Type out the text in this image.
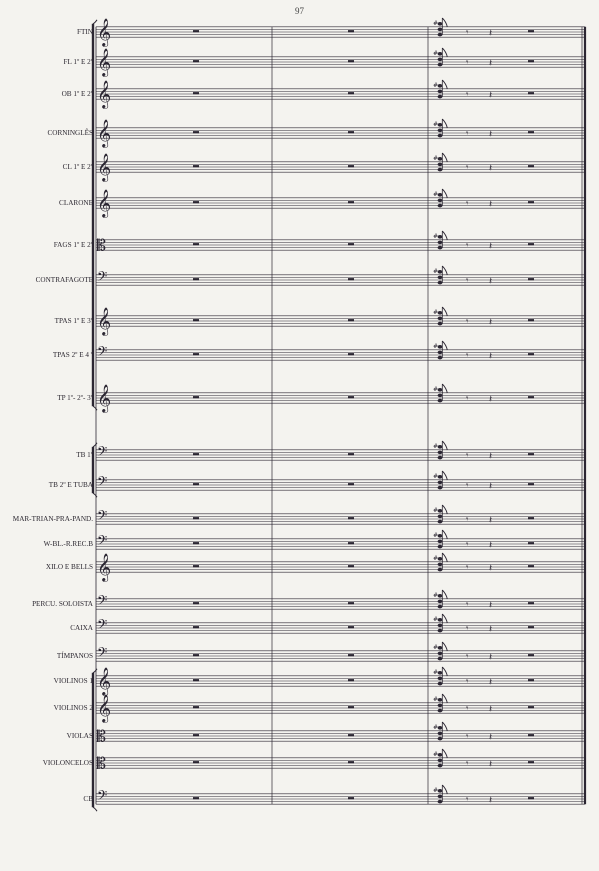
97
FTIN
FL 1º E 2º
OB 1º E 2º
CORNINGLÊS
CL 1º E 2º
CLARONE
FAGS 1º E 2º
CONTRAFAGOTE
TPAS 1º E 3º
TPAS 2º E 4 º
TP 1º- 2º- 3º
TB 1º
TB 2º E TUBA
MAR-TRIAN-PRA-PAND.
W-BL.-R.REC.B
XILO E BELLS
PERCU. SOLOISTA
CAIXA
TÍMPANOS
VIOLINOS 1
VIOLINOS 2
VIOLAS
VIOLONCELOS
CB
𝄞	𝄾 𝄽
#
𝄞	𝄾 𝄽
#
𝄞	𝄾 𝄽
#
𝄞	𝄾 𝄽
#
𝄞	𝄾 𝄽
#
𝄞	𝄾 𝄽
#
𝄡	𝄾 𝄽
#
𝄢	𝄾 𝄽
#
𝄞	𝄾 𝄽
#
𝄢	𝄾 𝄽
#
𝄞	𝄾 𝄽
#
𝄢	𝄾 𝄽
#
𝄢	𝄾 𝄽
#
𝄢	𝄾 𝄽
#
𝄢	𝄾 𝄽
#
𝄞	𝄾 𝄽
#
𝄢	𝄾 𝄽
#
𝄢	𝄾 𝄽
#
𝄢	𝄾 𝄽
#
𝄞	𝄾 𝄽
#
𝄞	𝄾 𝄽
#
𝄡	𝄾 𝄽
#
𝄡	𝄾 𝄽
#
𝄢	𝄾 𝄽
#
